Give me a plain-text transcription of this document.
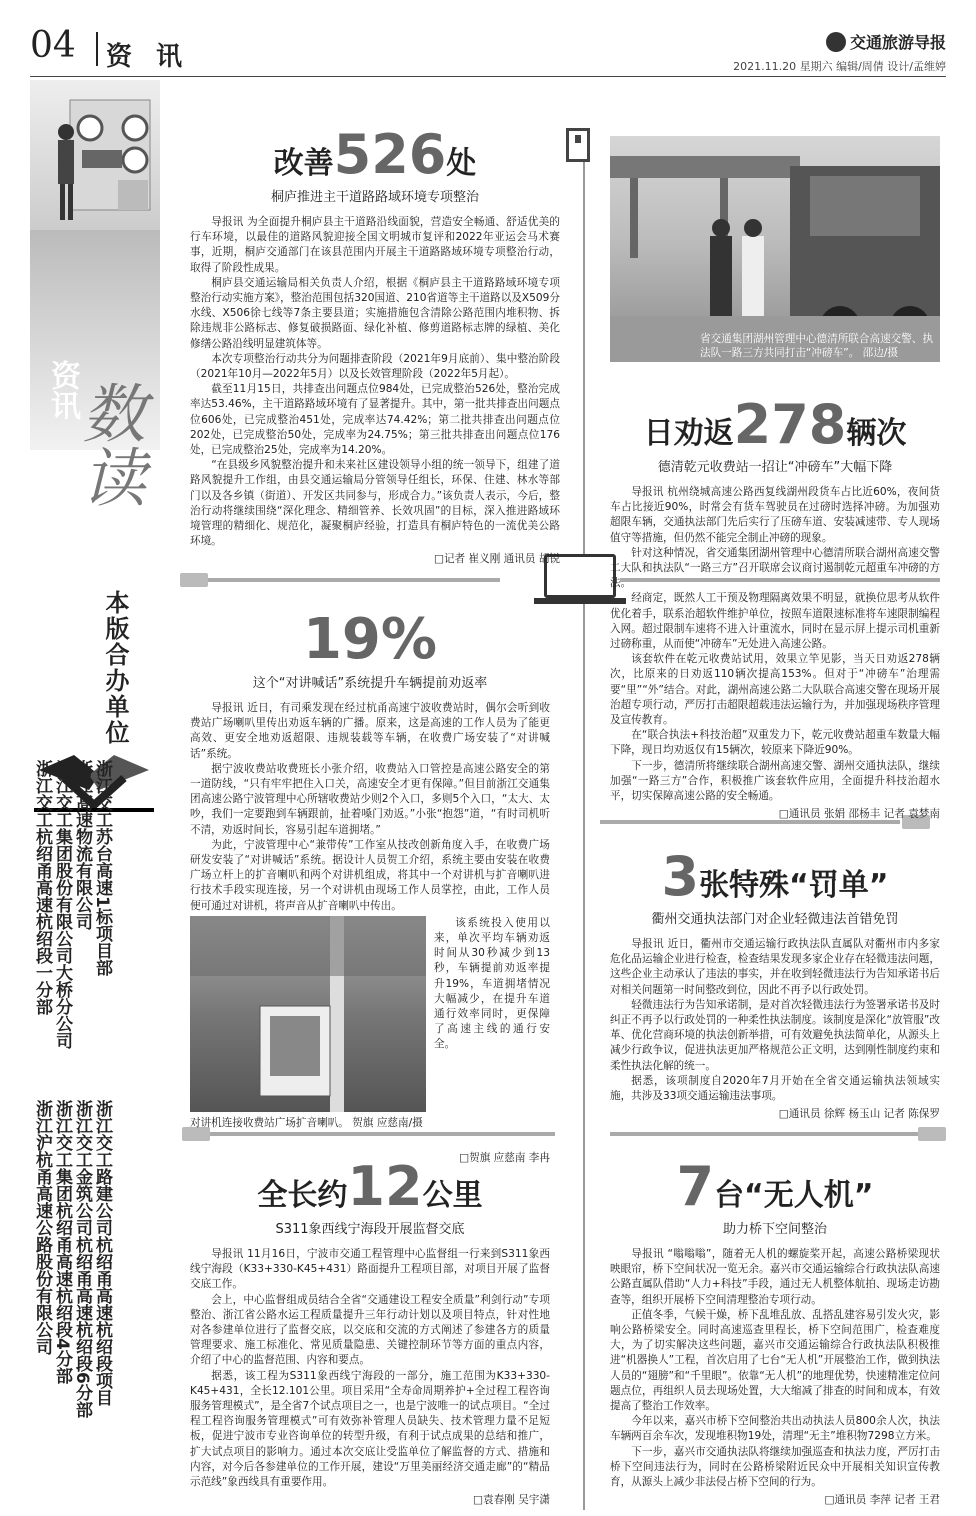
04 资讯	交通旅游导报
2021.11.20 星期六 编辑/周倩 设计/孟维婷
资讯
数读
本版合办单位
浙江交工苏台高速1标项目部
浙江高速物流有限公司
浙江交工集团股份有限公司大桥分公司
浙江交工杭绍甬高速杭绍段一分部
浙江交工路建公司杭绍甬高速杭绍段项目
浙江交工金筑公司杭绍甬高速杭绍段6分部
浙江交工集团杭绍甬高速杭绍段4分部
浙江沪杭甬高速公路股份有限公司
改善526处
桐庐推进主干道路路域环境专项整治

导报讯 为全面提升桐庐县主干道路沿线面貌，营造安全畅通、舒适优美的行车环境，以最佳的道路风貌迎接全国文明城市复评和2022年亚运会马术赛事，近期，桐庐交通部门在该县范围内开展主干道路路域环境专项整治行动，取得了阶段性成果。

桐庐县交通运输局相关负责人介绍，根据《桐庐县主干道路路域环境专项整治行动实施方案》，整治范围包括320国道、210省道等主干道路以及X509分水线、X506徐七线等7条主要县道；实施措施包含清除公路范围内堆积物、拆除违规非公路标志、修复破损路面、绿化补植、修剪道路标志牌的绿植、美化修缮公路沿线明显建筑体等。

本次专项整治行动共分为问题排查阶段（2021年9月底前）、集中整治阶段（2021年10月—2022年5月）以及长效管理阶段（2022年5月起）。

截至11月15日，共排查出问题点位984处，已完成整治526处，整治完成率达53.46%，主干道路路域环境有了显著提升。其中，第一批共排查出问题点位606处，已完成整治451处，完成率达74.42%；第二批共排查出问题点位202处，已完成整治50处，完成率为24.75%；第三批共排查出问题点位176处，已完成整治25处，完成率为14.20%。

“在县级乡风貌整治提升和未来社区建设领导小组的统一领导下，组建了道路风貌提升工作组，由县交通运输局分管领导任组长，环保、住建、林水等部门以及各乡镇（街道）、开发区共同参与，形成合力。”该负责人表示，今后，整治行动将继续围绕“深化理念、精细管养、长效巩固”的目标，深入推进路域环境管理的精细化、规范化，凝聚桐庐经验，打造具有桐庐特色的一流优美公路环境。

□记者 崔义刚 通讯员 胡锐
省交通集团湖州管理中心德清所联合高速交警、执法队一路三方共同打击“冲磅车”。 邵边/摄
日劝返278辆次
德清乾元收费站一招让“冲磅车”大幅下降

导报讯 杭州绕城高速公路西复线湖州段货车占比近60%，夜间货车占比接近90%，时常会有货车驾驶员在过磅时选择冲磅。为加强劝超限车辆，交通执法部门先后实行了压磅车道、安装减速带、专人现场值守等措施，但仍然不能完全制止冲磅的现象。

针对这种情况，省交通集团湖州管理中心德清所联合湖州高速交警二大队和执法队“一路三方”召开联席会议商讨遏制乾元超重车冲磅的方法。

经商定，既然人工干预及物理隔离效果不明显，就换位思考从软件优化着手，联系治超软件维护单位，按照车道限速标准将车速限制编程入网。超过限制车速将不进入计重流水，同时在显示屏上提示司机重新过磅称重，从而使“冲磅车”无处进入高速公路。

该套软件在乾元收费站试用，效果立竿见影，当天日劝返278辆次，比原来的日劝返110辆次提高153%。但对于“冲磅车”治理需要“里”“外”结合。对此，湖州高速公路二大队联合高速交警在现场开展治超专项行动，严厉打击超限超载违法运输行为，并加强现场秩序管理及宣传教育。

在“联合执法+科技治超”双重发力下，乾元收费站超重车数量大幅下降，现日均劝返仅有15辆次，较原来下降近90%。

下一步，德清所将继续联合湖州高速交警、湖州交通执法队，继续加强“一路三方”合作，积极推广该套软件应用，全面提升科技治超水平，切实保障高速公路的安全畅通。

□通讯员 张娟 邵杨丰 记者 袁梦南
19%
这个“对讲喊话”系统提升车辆提前劝返率

导报讯 近日，有司乘发现在经过杭甬高速宁波收费站时，偶尔会听到收费站广场喇叭里传出劝返车辆的广播。原来，这是高速的工作人员为了能更高效、更安全地劝返超限、违规装载等车辆，在收费广场安装了“对讲喊话”系统。

据宁波收费站收费班长小张介绍，收费站入口管控是高速公路安全的第一道防线，“只有牢牢把住入口关，高速安全才更有保障。”但目前浙江交通集团高速公路宁波管理中心所辖收费站少则2个入口，多则5个入口，“太大、太吵，我们一定要跑到车辆跟前，扯着嗓门劝返。”小张“抱怨”道，“有时司机听不清，劝返时间长，容易引起车道拥堵。”

为此，宁波管理中心“兼带传”工作室从技改创新角度入手，在收费广场研发安装了“对讲喊话”系统。据设计人员贺工介绍，系统主要由安装在收费广场立杆上的扩音喇叭和两个对讲机组成，将其中一个对讲机与扩音喇叭进行技术手段实现连接，另一个对讲机由现场工作人员掌控，由此，工作人员便可通过对讲机，将声音从扩音喇叭中传出。

对讲机连接收费站广场扩音喇叭。 贺旗 应慈南/摄

该系统投入使用以来，单次平均车辆劝返时间从30秒减少到13秒，车辆提前劝返率提升19%，车道拥堵情况大幅减少，在提升车道通行效率同时，更保障了高速主线的通行安全。

□贺旗 应慈南 李冉
3张特殊“罚单”
衢州交通执法部门对企业轻微违法首错免罚

导报讯 近日，衢州市交通运输行政执法队直属队对衢州市内多家危化品运输企业进行检查，检查结果发现多家企业存在轻微违法问题，这些企业主动承认了违法的事实，并在收到轻微违法行为告知承诺书后对相关问题第一时间整改到位，因此不再予以行政处罚。

轻微违法行为告知承诺制，是对首次轻微违法行为签署承诺书及时纠正不再予以行政处罚的一种柔性执法制度。该制度是深化“放管服”改革、优化营商环境的执法创新举措，可有效避免执法简单化，从源头上减少行政争议，促进执法更加严格规范公正文明，达到刚性制度约束和柔性执法化解的统一。

据悉，该项制度自2020年7月开始在全省交通运输执法领域实施，共涉及33项交通运输违法事项。

□通讯员 徐辉 杨玉山 记者 陈保罗
全长约12公里
S311象西线宁海段开展监督交底

导报讯 11月16日，宁波市交通工程管理中心监督组一行来到S311象西线宁海段（K33+330-K45+431）路面提升工程项目部，对项目开展了监督交底工作。

会上，中心监督组成员结合全省“交通建设工程安全质量”利剑行动”专项整治、浙江省公路水运工程质量提升三年行动计划以及项目特点，针对性地对各参建单位进行了监督交底，以交底和交流的方式阐述了参建各方的质量管理要求、施工标准化、常见质量隐患、关键控制环节等方面的重点内容，介绍了中心的监督范围、内容和要点。

据悉，该工程为S311象西线宁海段的一部分，施工范围为K33+330-K45+431，全长12.101公里。项目采用“全寿命周期养护+全过程工程咨询服务管理模式”，是全省7个试点项目之一，也是宁波唯一的试点项目。“全过程工程咨询服务管理模式”可有效弥补管理人员缺失、技术管理力量不足短板，促进宁波市专业咨询单位的转型升级，有利于试点成果的总结和推广，扩大试点项目的影响力。通过本次交底让受监单位了解监督的方式、措施和内容，对今后各参建单位的工作开展，建设“万里美丽经济交通走廊”的“精品示范线”象西线具有重要作用。

□袁春刚 吴宇潇
7台“无人机”
助力桥下空间整治

导报讯 “嗡嗡嗡”，随着无人机的螺旋桨开起，高速公路桥梁现状映眼帘，桥下空间状况一览无余。嘉兴市交通运输综合行政执法队高速公路直属队借助“人力+科技”手段，通过无人机整体航拍、现场走访勘查等，组织开展桥下空间清理整治专项行动。

正值冬季，气候干燥，桥下乱堆乱放、乱搭乱建容易引发火灾，影响公路桥梁安全。同时高速巡查里程长，桥下空间范围广，检查难度大，为了切实解决这些问题，嘉兴市交通运输综合行政执法队积极推进“机器换人”工程，首次启用了七台“无人机”开展整治工作，做到执法人员的“翅膀”和“千里眼”。依靠“无人机”的地理优势，快速精准定位问题点位，再组织人员去现场处置，大大缩减了排查的时间和成本，有效提高了整治工作效率。

今年以来，嘉兴市桥下空间整治共出动执法人员800余人次，执法车辆两百余车次，发现堆积物19处，清理“无主”堆积物7298立方米。

下一步，嘉兴市交通执法队将继续加强巡查和执法力度，严厉打击桥下空间违法行为，同时在公路桥梁附近民众中开展相关知识宣传教育，从源头上减少非法侵占桥下空间的行为。

□通讯员 李萍 记者 王君
